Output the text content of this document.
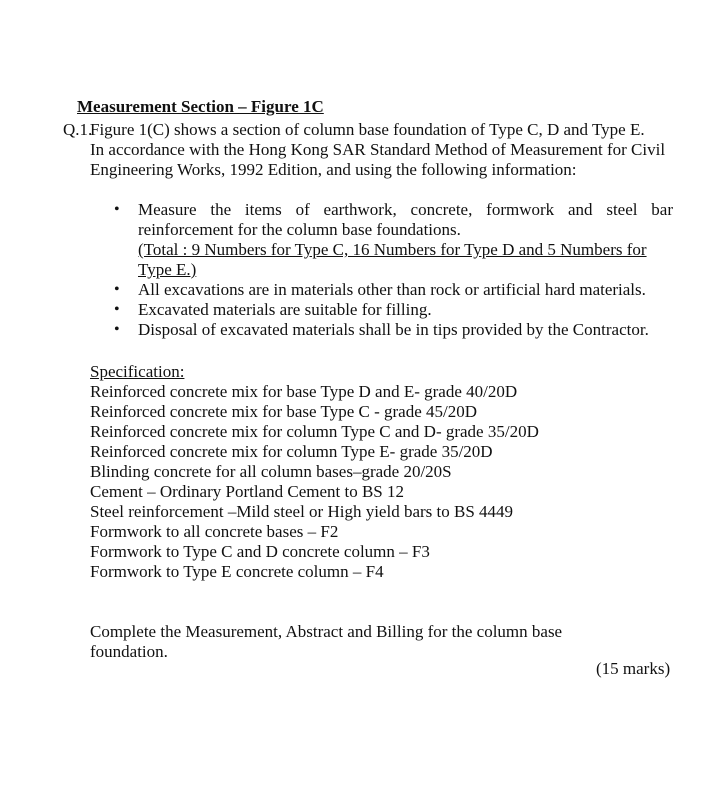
Measurement Section – Figure 1C
Q.1.
Figure 1(C) shows a section of column base foundation of Type C, D and Type E.
In accordance with the Hong Kong SAR Standard Method of Measurement for Civil
Engineering Works, 1992 Edition, and using the following information:
• Measure the items of earthwork, concrete, formwork and steel bar
reinforcement for the column base foundations.
(Total : 9 Numbers for Type C, 16 Numbers for Type D and 5 Numbers for
Type E.)
• All excavations are in materials other than rock or artificial hard materials.
• Excavated materials are suitable for filling.
• Disposal of excavated materials shall be in tips provided by the Contractor.
Specification:
Reinforced concrete mix for base Type D and E- grade 40/20D
Reinforced concrete mix for base Type C - grade 45/20D
Reinforced concrete mix for column Type C and D- grade 35/20D
Reinforced concrete mix for column Type E- grade 35/20D
Blinding concrete for all column bases–grade 20/20S
Cement – Ordinary Portland Cement to BS 12
Steel reinforcement –Mild steel or High yield bars to BS 4449
Formwork to all concrete bases – F2
Formwork to Type C and D concrete column – F3
Formwork to Type E concrete column – F4
Complete the Measurement, Abstract and Billing for the column base
foundation.
(15 marks)
